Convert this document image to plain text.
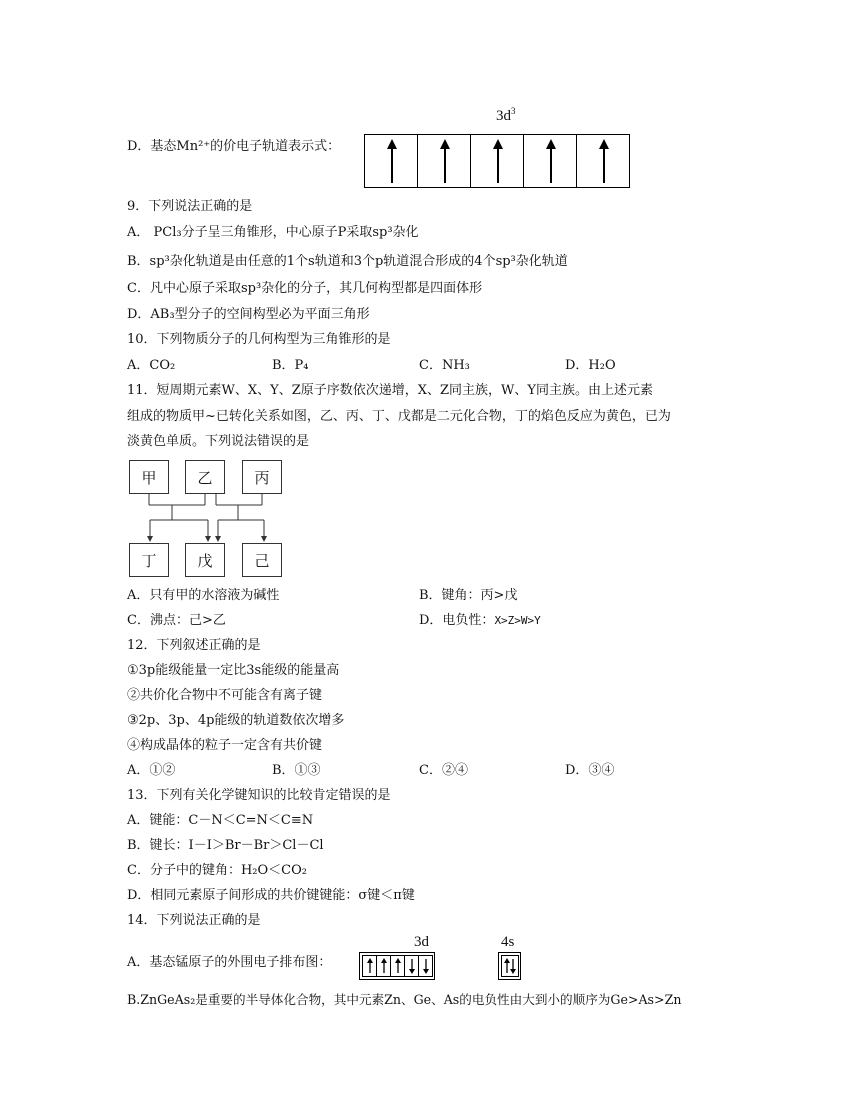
$3d^3$
D．基态Mn²⁺的价电子轨道表示式：
9．下列说法正确的是
A． PCl₃分子呈三角锥形，中心原子P采取sp³杂化
B．sp³杂化轨道是由任意的1个s轨道和3个p轨道混合形成的4个sp³杂化轨道
C．凡中心原子采取sp³杂化的分子，其几何构型都是四面体形
D．AB₃型分子的空间构型必为平面三角形
10．下列物质分子的几何构型为三角锥形的是
A．CO₂	B．P₄	C．NH₃	D．H₂O
11．短周期元素W、X、Y、Z原子序数依次递增，X、Z同主族，W、Y同主族。由上述元素
组成的物质甲~已转化关系如图，乙、丙、丁、戊都是二元化合物，丁的焰色反应为黄色，已为
淡黄色单质。下列说法错误的是
甲	乙	丙
丁	戊	己
A．只有甲的水溶液为碱性	B．键角：丙>戊
C．沸点：己>乙	D．电负性：X>Z>W>Y
12．下列叙述正确的是
①3p能级能量一定比3s能级的能量高
②共价化合物中不可能含有离子键
③2p、3p、4p能级的轨道数依次增多
④构成晶体的粒子一定含有共价键
A．①②	B．①③	C．②④	D．③④
13．下列有关化学键知识的比较肯定错误的是
A．键能：C－N＜C=N＜C≡N
B．键长：I－I＞Br－Br＞Cl－Cl
C．分子中的键角：H₂O＜CO₂
D．相同元素原子间形成的共价键键能：σ键＜π键
14．下列说法正确的是
3d	4s
A．基态锰原子的外围电子排布图：
B.ZnGeAs₂是重要的半导体化合物，其中元素Zn、Ge、As的电负性由大到小的顺序为Ge>As>Zn
